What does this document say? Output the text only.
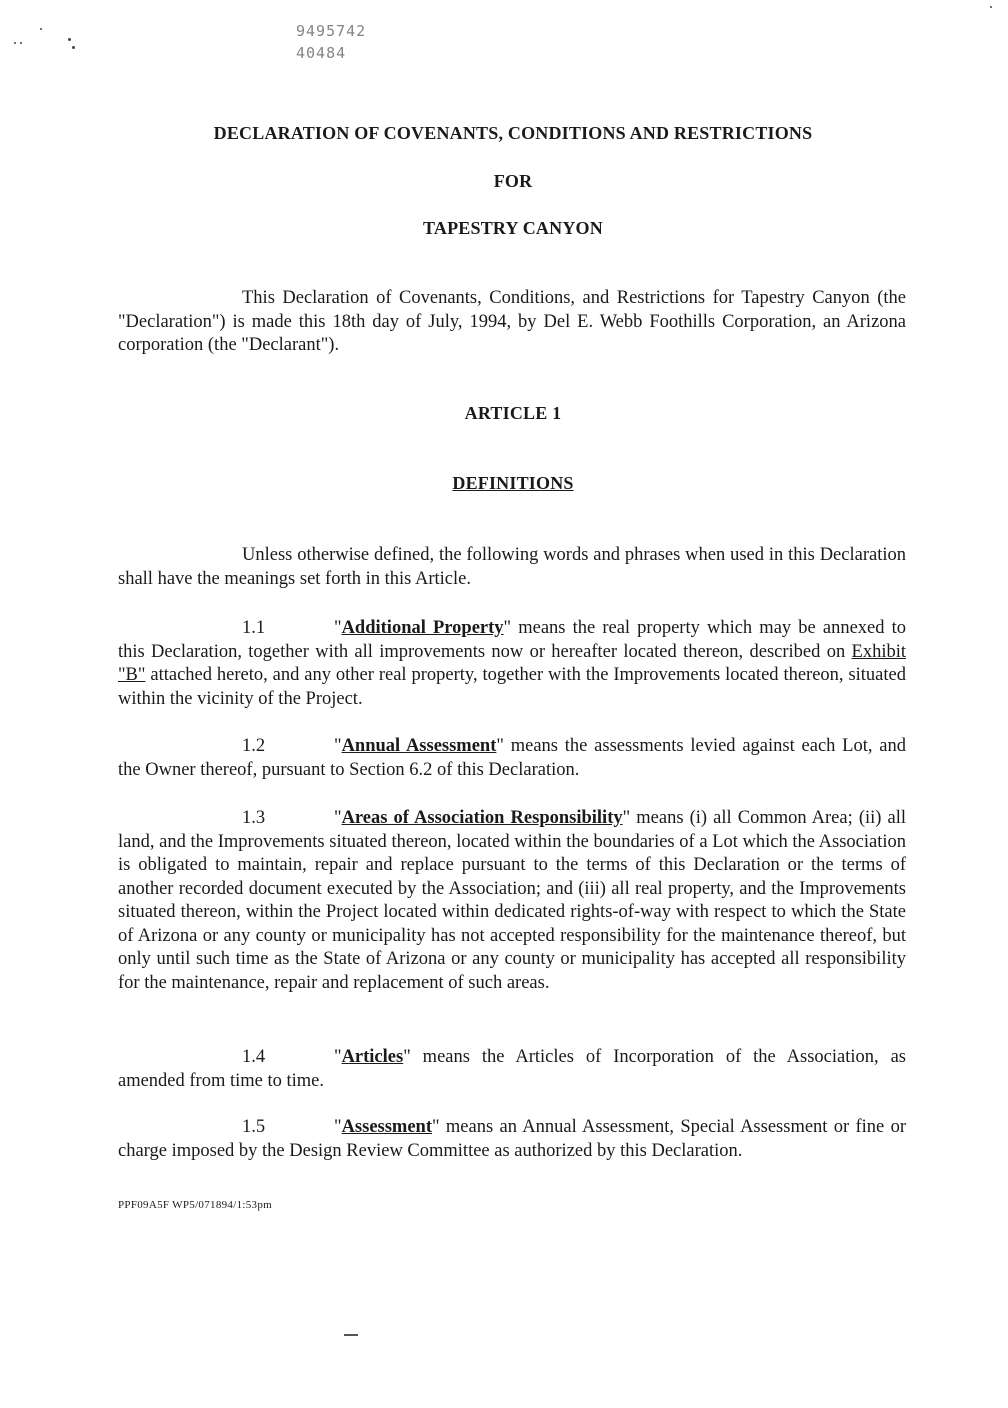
9495742
40484
DECLARATION OF COVENANTS, CONDITIONS AND RESTRICTIONS
FOR
TAPESTRY CANYON

This Declaration of Covenants, Conditions, and Restrictions for Tapestry Canyon (the "Declaration") is made this 18th day of July, 1994, by Del E. Webb Foothills Corporation, an Arizona corporation (the "Declarant").

ARTICLE 1
DEFINITIONS

Unless otherwise defined, the following words and phrases when used in this Declaration shall have the meanings set forth in this Article.

1.1	"Additional Property" means the real property which may be annexed to this Declaration, together with all improvements now or hereafter located thereon, described on Exhibit "B" attached hereto, and any other real property, together with the Improvements located thereon, situated within the vicinity of the Project.

1.2	"Annual Assessment" means the assessments levied against each Lot, and the Owner thereof, pursuant to Section 6.2 of this Declaration.

1.3	"Areas of Association Responsibility" means (i) all Common Area; (ii) all land, and the Improvements situated thereon, located within the boundaries of a Lot which the Association is obligated to maintain, repair and replace pursuant to the terms of this Declaration or the terms of another recorded document executed by the Association; and (iii) all real property, and the Improvements situated thereon, within the Project located within dedicated rights-of-way with respect to which the State of Arizona or any county or municipality has not accepted responsibility for the maintenance thereof, but only until such time as the State of Arizona or any county or municipality has accepted all responsibility for the maintenance, repair and replacement of such areas.

1.4	"Articles" means the Articles of Incorporation of the Association, as amended from time to time.

1.5	"Assessment" means an Annual Assessment, Special Assessment or fine or charge imposed by the Design Review Committee as authorized by this Declaration.

PPF09A5F WP5/071894/1:53pm
